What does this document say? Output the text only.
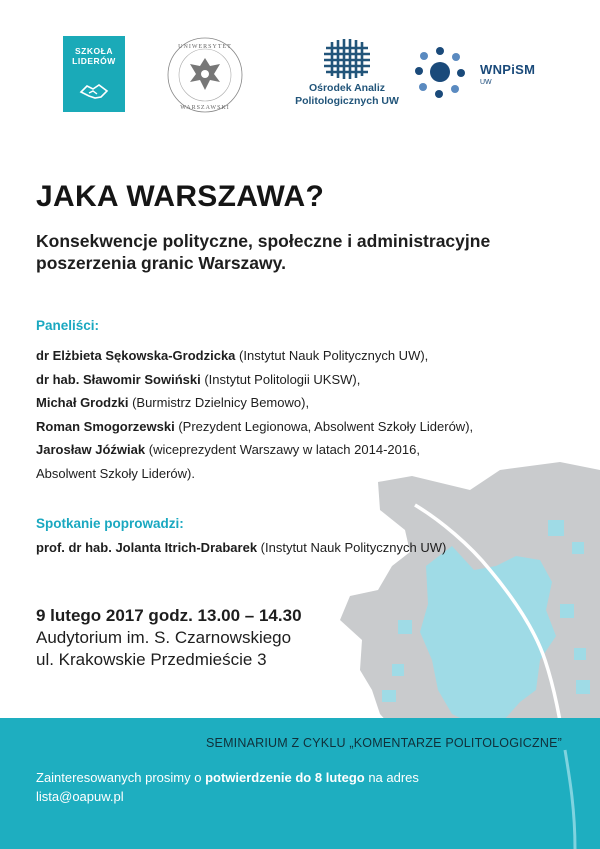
SZKOŁA LIDERÓW
UNIWERSYTET
WARSZAWSKI
Ośrodek Analiz
Politologicznych UW
WNPiSM
UW
JAKA WARSZAWA?
Konsekwencje polityczne, społeczne i administracyjne poszerzenia granic Warszawy.
Paneliści:
dr Elżbieta Sękowska-Grodzicka (Instytut Nauk Politycznych UW),
dr hab. Sławomir Sowiński (Instytut Politologii UKSW),
Michał Grodzki (Burmistrz Dzielnicy Bemowo),
Roman Smogorzewski (Prezydent Legionowa, Absolwent Szkoły Liderów),
Jarosław Jóźwiak (wiceprezydent Warszawy w latach 2014-2016,
Absolwent Szkoły Liderów).
Spotkanie poprowadzi:
prof. dr hab. Jolanta Itrich-Drabarek (Instytut Nauk Politycznych UW)
9 lutego 2017 godz. 13.00 – 14.30
Audytorium im. S. Czarnowskiego
ul. Krakowskie Przedmieście 3
SEMINARIUM Z CYKLU „KOMENTARZE POLITOLOGICZNE”
Zainteresowanych prosimy o potwierdzenie do 8 lutego na adres
lista@oapuw.pl
